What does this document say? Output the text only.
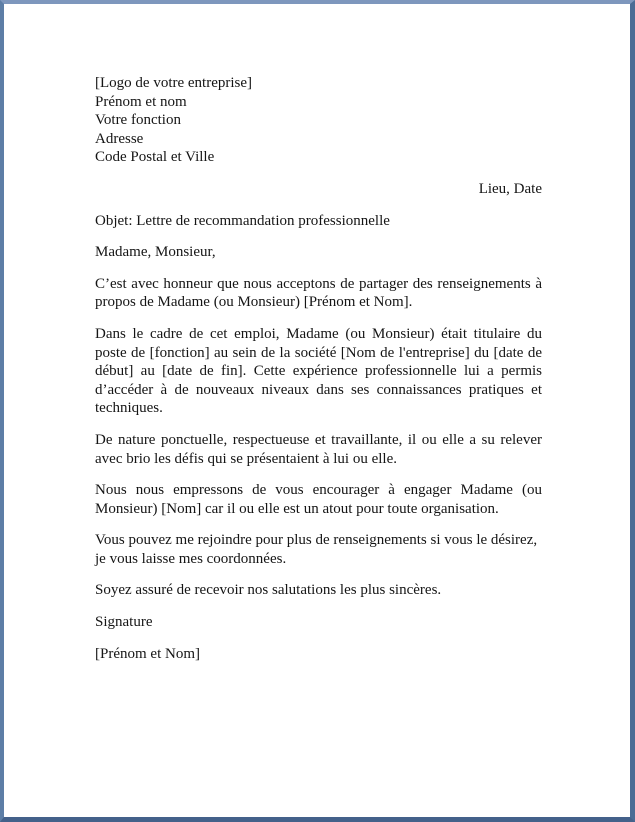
[Logo de votre entreprise]
Prénom et nom
Votre fonction
Adresse
Code Postal et Ville

Lieu, Date

Objet: Lettre de recommandation professionnelle

Madame, Monsieur,

C’est avec honneur que nous acceptons de partager des renseignements à propos de Madame (ou Monsieur) [Prénom et Nom].

Dans le cadre de cet emploi, Madame (ou Monsieur) était titulaire du poste de [fonction] au sein de la société [Nom de l'entreprise] du [date de début] au [date de fin]. Cette expérience professionnelle lui a permis d’accéder à de nouveaux niveaux dans ses connaissances pratiques et techniques.

De nature ponctuelle, respectueuse et travaillante, il ou elle a su relever avec brio les défis qui se présentaient à lui ou elle.

Nous nous empressons de vous encourager à engager Madame (ou Monsieur) [Nom] car il ou elle est un atout pour toute organisation.

Vous pouvez me rejoindre pour plus de renseignements si vous le désirez, je vous laisse mes coordonnées.

Soyez assuré de recevoir nos salutations les plus sincères.

Signature

[Prénom et Nom]
